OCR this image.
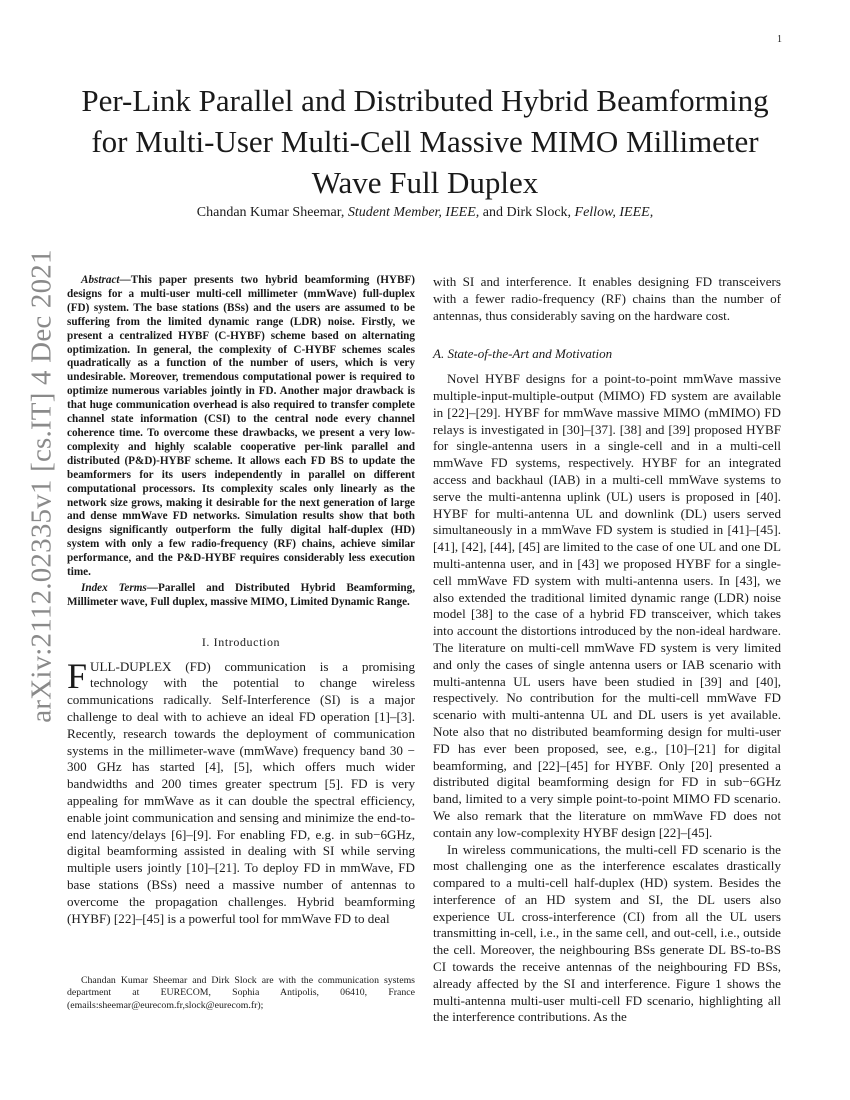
1
arXiv:2112.02335v1 [cs.IT] 4 Dec 2021
Per-Link Parallel and Distributed Hybrid Beamforming for Multi-User Multi-Cell Massive MIMO Millimeter Wave Full Duplex
Chandan Kumar Sheemar, Student Member, IEEE, and Dirk Slock, Fellow, IEEE,

Abstract—This paper presents two hybrid beamforming (HYBF) designs for a multi-user multi-cell millimeter (mmWave) full-duplex (FD) system. The base stations (BSs) and the users are assumed to be suffering from the limited dynamic range (LDR) noise. Firstly, we present a centralized HYBF (C-HYBF) scheme based on alternating optimization. In general, the complexity of C-HYBF schemes scales quadratically as a function of the number of users, which is very undesirable. Moreover, tremendous computational power is required to optimize numerous variables jointly in FD. Another major drawback is that huge communication overhead is also required to transfer complete channel state information (CSI) to the central node every channel coherence time. To overcome these drawbacks, we present a very low-complexity and highly scalable cooperative per-link parallel and distributed (P&D)-HYBF scheme. It allows each FD BS to update the beamformers for its users independently in parallel on different computational processors. Its complexity scales only linearly as the network size grows, making it desirable for the next generation of large and dense mmWave FD networks. Simulation results show that both designs significantly outperform the fully digital half-duplex (HD) system with only a few radio-frequency (RF) chains, achieve similar performance, and the P&D-HYBF requires considerably less execution time.

Index Terms—Parallel and Distributed Hybrid Beamforming, Millimeter wave, Full duplex, massive MIMO, Limited Dynamic Range.

I. Introduction

FULL-DUPLEX (FD) communication is a promising technology with the potential to change wireless communications radically. Self-Interference (SI) is a major challenge to deal with to achieve an ideal FD operation [1]–[3]. Recently, research towards the deployment of communication systems in the millimeter-wave (mmWave) frequency band 30 − 300 GHz has started [4], [5], which offers much wider bandwidths and 200 times greater spectrum [5]. FD is very appealing for mmWave as it can double the spectral efficiency, enable joint communication and sensing and minimize the end-to-end latency/delays [6]–[9]. For enabling FD, e.g. in sub−6GHz, digital beamforming assisted in dealing with SI while serving multiple users jointly [10]–[21]. To deploy FD in mmWave, FD base stations (BSs) need a massive number of antennas to overcome the propagation challenges. Hybrid beamforming (HYBF) [22]–[45] is a powerful tool for mmWave FD to deal

Chandan Kumar Sheemar and Dirk Slock are with the communication systems department at EURECOM, Sophia Antipolis, 06410, France (emails:sheemar@eurecom.fr,slock@eurecom.fr);

with SI and interference. It enables designing FD transceivers with a fewer radio-frequency (RF) chains than the number of antennas, thus considerably saving on the hardware cost.

A. State-of-the-Art and Motivation

Novel HYBF designs for a point-to-point mmWave massive multiple-input-multiple-output (MIMO) FD system are available in [22]–[29]. HYBF for mmWave massive MIMO (mMIMO) FD relays is investigated in [30]–[37]. [38] and [39] proposed HYBF for single-antenna users in a single-cell and in a multi-cell mmWave FD systems, respectively. HYBF for an integrated access and backhaul (IAB) in a multi-cell mmWave systems to serve the multi-antenna uplink (UL) users is proposed in [40]. HYBF for multi-antenna UL and downlink (DL) users served simultaneously in a mmWave FD system is studied in [41]–[45]. [41], [42], [44], [45] are limited to the case of one UL and one DL multi-antenna user, and in [43] we proposed HYBF for a single-cell mmWave FD system with multi-antenna users. In [43], we also extended the traditional limited dynamic range (LDR) noise model [38] to the case of a hybrid FD transceiver, which takes into account the distortions introduced by the non-ideal hardware. The literature on multi-cell mmWave FD system is very limited and only the cases of single antenna users or IAB scenario with multi-antenna UL users have been studied in [39] and [40], respectively. No contribution for the multi-cell mmWave FD scenario with multi-antenna UL and DL users is yet available. Note also that no distributed beamforming design for multi-user FD has ever been proposed, see, e.g., [10]–[21] for digital beamforming, and [22]–[45] for HYBF. Only [20] presented a distributed digital beamforming design for FD in sub−6GHz band, limited to a very simple point-to-point MIMO FD scenario. We also remark that the literature on mmWave FD does not contain any low-complexity HYBF design [22]–[45].

In wireless communications, the multi-cell FD scenario is the most challenging one as the interference escalates drastically compared to a multi-cell half-duplex (HD) system. Besides the interference of an HD system and SI, the DL users also experience UL cross-interference (CI) from all the UL users transmitting in-cell, i.e., in the same cell, and out-cell, i.e., outside the cell. Moreover, the neighbouring BSs generate DL BS-to-BS CI towards the receive antennas of the neighbouring FD BSs, already affected by the SI and interference. Figure 1 shows the multi-antenna multi-user multi-cell FD scenario, highlighting all the interference contributions. As the
